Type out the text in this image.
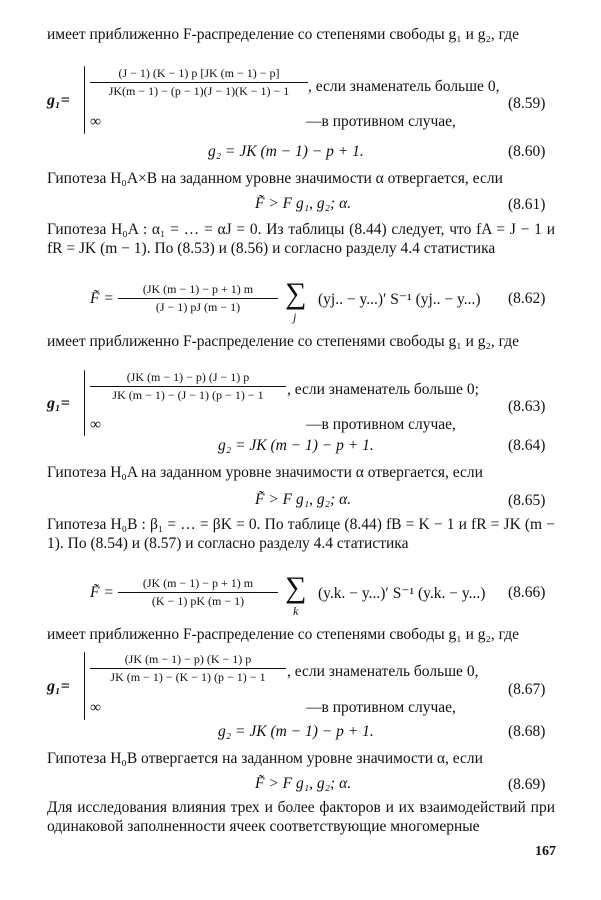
имеет приближенно F-распределение со степенями свободы g₁ и g₂, где
g₁=
(J − 1) (K − 1) p [JK (m − 1) − p]
JK(m − 1) − (p − 1)(J − 1)(K − 1) − 1	, если знаменатель больше 0,
∞	—в противном случае,
(8.59)
g₂ = JK (m − 1) − p + 1.	(8.60)
Гипотеза H₀A×B на заданном уровне значимости α отвергается, если
F̃ > F g₁, g₂; α.	(8.61)
Гипотеза H₀A : α₁ = … = αJ = 0. Из таблицы (8.44) следует, что fA = J − 1 и fR = JK (m − 1). По (8.53) и (8.56) и согласно разделу 4.4 статистика
F̃ =
(JK (m − 1) − p + 1) m
(J − 1) pJ (m − 1)	∑
j
(yj.. − y...)′ S⁻¹ (yj.. − y...) (8.62)
имеет приближенно F-распределение со степенями свободы g₁ и g₂, где
g₁=
(JK (m − 1) − p) (J − 1) p
JK (m − 1) − (J − 1) (p − 1) − 1	, если знаменатель больше 0;
∞	—в противном случае,
(8.63)
g₂ = JK (m − 1) − p + 1.	(8.64)
Гипотеза H₀A на заданном уровне значимости α отвергается, если
F̃ > F g₁, g₂; α.	(8.65)
Гипотеза H₀B : β₁ = … = βK = 0. По таблице (8.44) fB = K − 1 и fR = JK (m − 1). По (8.54) и (8.57) и согласно разделу 4.4 статистика
F̃ =
(JK (m − 1) − p + 1) m
(K − 1) pK (m − 1)	∑
k
(y.k. − y...)′ S⁻¹ (y.k. − y...) (8.66)
имеет приближенно F-распределение со степенями свободы g₁ и g₂, где
g₁=
(JK (m − 1) − p) (K − 1) p
JK (m − 1) − (K − 1) (p − 1) − 1	, если знаменатель больше 0,
∞	—в противном случае,
(8.67)
g₂ = JK (m − 1) − p + 1.	(8.68)
Гипотеза H₀B отвергается на заданном уровне значимости α, если
F̃ > F g₁, g₂; α.	(8.69)
Для исследования влияния трех и более факторов и их взаимодействий при одинаковой заполненности ячеек соответствующие многомерные
167
